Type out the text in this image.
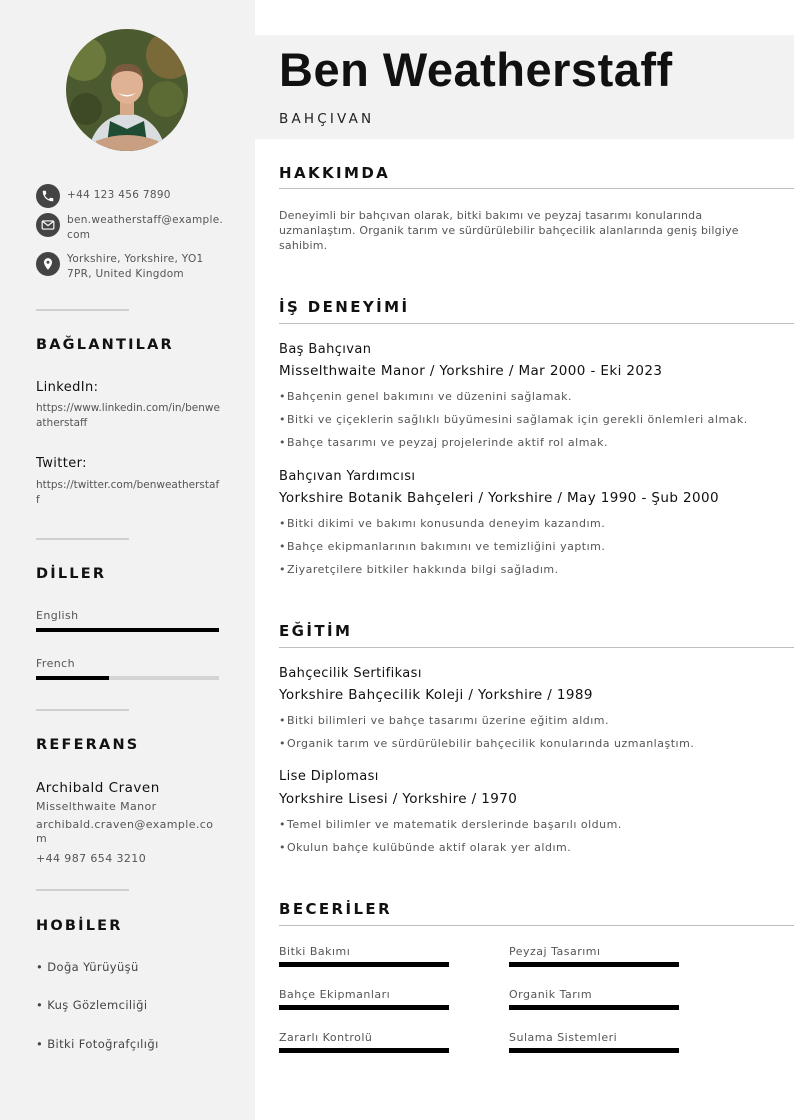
+44 123 456 7890
ben.weatherstaff@example.com
Yorkshire, Yorkshire, YO1 7PR, United Kingdom
BAĞLANTILAR
LinkedIn:
https://www.linkedin.com/in/benweatherstaff
Twitter:
https://twitter.com/benweatherstaff
DİLLER
English
French
REFERANS
Archibald Craven
Misselthwaite Manor
archibald.craven@example.com
+44 987 654 3210
HOBİLER
• Doğa Yürüyüşü
• Kuş Gözlemciliği
• Bitki Fotoğrafçılığı
Ben Weatherstaff
BAHÇIVAN
HAKKIMDA
Deneyimli bir bahçıvan olarak, bitki bakımı ve peyzaj tasarımı konularında uzmanlaştım. Organik tarım ve sürdürülebilir bahçecilik alanlarında geniş bilgiye sahibim.
İŞ DENEYİMİ
Baş Bahçıvan
Misselthwaite Manor / Yorkshire / Mar 2000 - Eki 2023
•Bahçenin genel bakımını ve düzenini sağlamak.
•Bitki ve çiçeklerin sağlıklı büyümesini sağlamak için gerekli önlemleri almak.
•Bahçe tasarımı ve peyzaj projelerinde aktif rol almak.
Bahçıvan Yardımcısı
Yorkshire Botanik Bahçeleri / Yorkshire / May 1990 - Şub 2000
•Bitki dikimi ve bakımı konusunda deneyim kazandım.
•Bahçe ekipmanlarının bakımını ve temizliğini yaptım.
•Ziyaretçilere bitkiler hakkında bilgi sağladım.
EĞİTİM
Bahçecilik Sertifikası
Yorkshire Bahçecilik Koleji / Yorkshire / 1989
•Bitki bilimleri ve bahçe tasarımı üzerine eğitim aldım.
•Organik tarım ve sürdürülebilir bahçecilik konularında uzmanlaştım.
Lise Diploması
Yorkshire Lisesi / Yorkshire / 1970
•Temel bilimler ve matematik derslerinde başarılı oldum.
•Okulun bahçe kulübünde aktif olarak yer aldım.
BECERİLER
Bitki Bakımı	Peyzaj Tasarımı
Bahçe Ekipmanları	Organik Tarım
Zararlı Kontrolü	Sulama Sistemleri
